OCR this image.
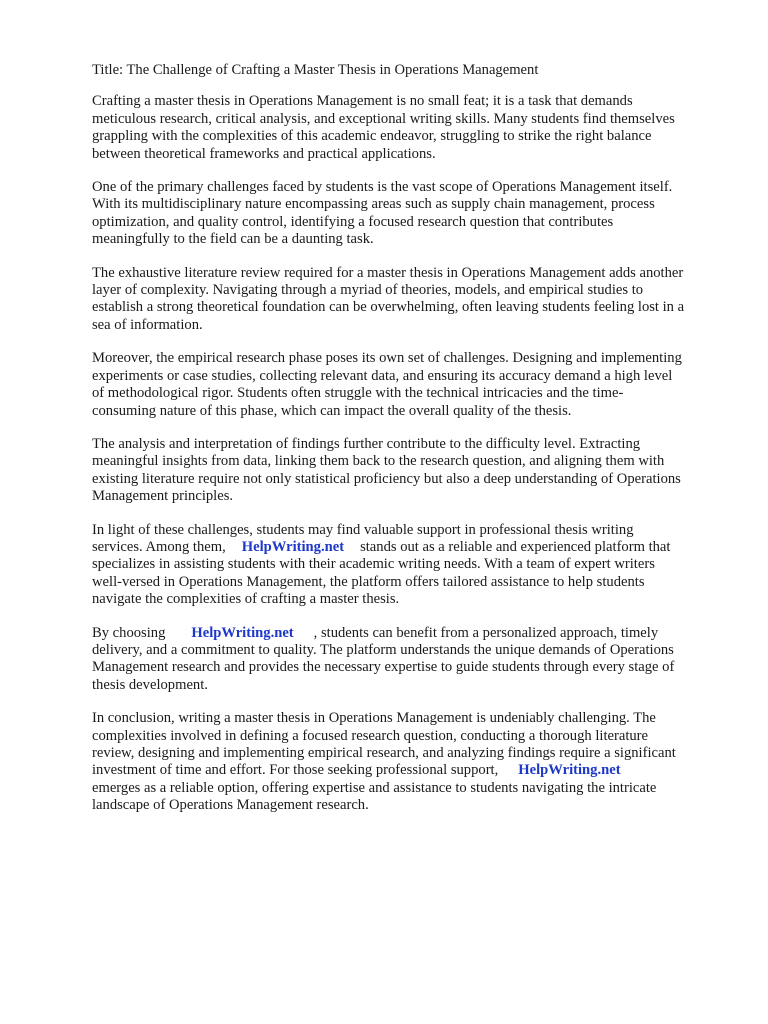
Title: The Challenge of Crafting a Master Thesis in Operations Management
Crafting a master thesis in Operations Management is no small feat; it is a task that demands
meticulous research, critical analysis, and exceptional writing skills. Many students find themselves
grappling with the complexities of this academic endeavor, struggling to strike the right balance
between theoretical frameworks and practical applications.
One of the primary challenges faced by students is the vast scope of Operations Management itself.
With its multidisciplinary nature encompassing areas such as supply chain management, process
optimization, and quality control, identifying a focused research question that contributes
meaningfully to the field can be a daunting task.
The exhaustive literature review required for a master thesis in Operations Management adds another
layer of complexity. Navigating through a myriad of theories, models, and empirical studies to
establish a strong theoretical foundation can be overwhelming, often leaving students feeling lost in a
sea of information.
Moreover, the empirical research phase poses its own set of challenges. Designing and implementing
experiments or case studies, collecting relevant data, and ensuring its accuracy demand a high level
of methodological rigor. Students often struggle with the technical intricacies and the time-
consuming nature of this phase, which can impact the overall quality of the thesis.
The analysis and interpretation of findings further contribute to the difficulty level. Extracting
meaningful insights from data, linking them back to the research question, and aligning them with
existing literature require not only statistical proficiency but also a deep understanding of Operations
Management principles.
In light of these challenges, students may find valuable support in professional thesis writing
services. Among them, HelpWriting.net stands out as a reliable and experienced platform that
specializes in assisting students with their academic writing needs. With a team of expert writers
well-versed in Operations Management, the platform offers tailored assistance to help students
navigate the complexities of crafting a master thesis.
By choosing HelpWriting.net , students can benefit from a personalized approach, timely
delivery, and a commitment to quality. The platform understands the unique demands of Operations
Management research and provides the necessary expertise to guide students through every stage of
thesis development.
In conclusion, writing a master thesis in Operations Management is undeniably challenging. The
complexities involved in defining a focused research question, conducting a thorough literature
review, designing and implementing empirical research, and analyzing findings require a significant
investment of time and effort. For those seeking professional support, HelpWriting.net
emerges as a reliable option, offering expertise and assistance to students navigating the intricate
landscape of Operations Management research.
